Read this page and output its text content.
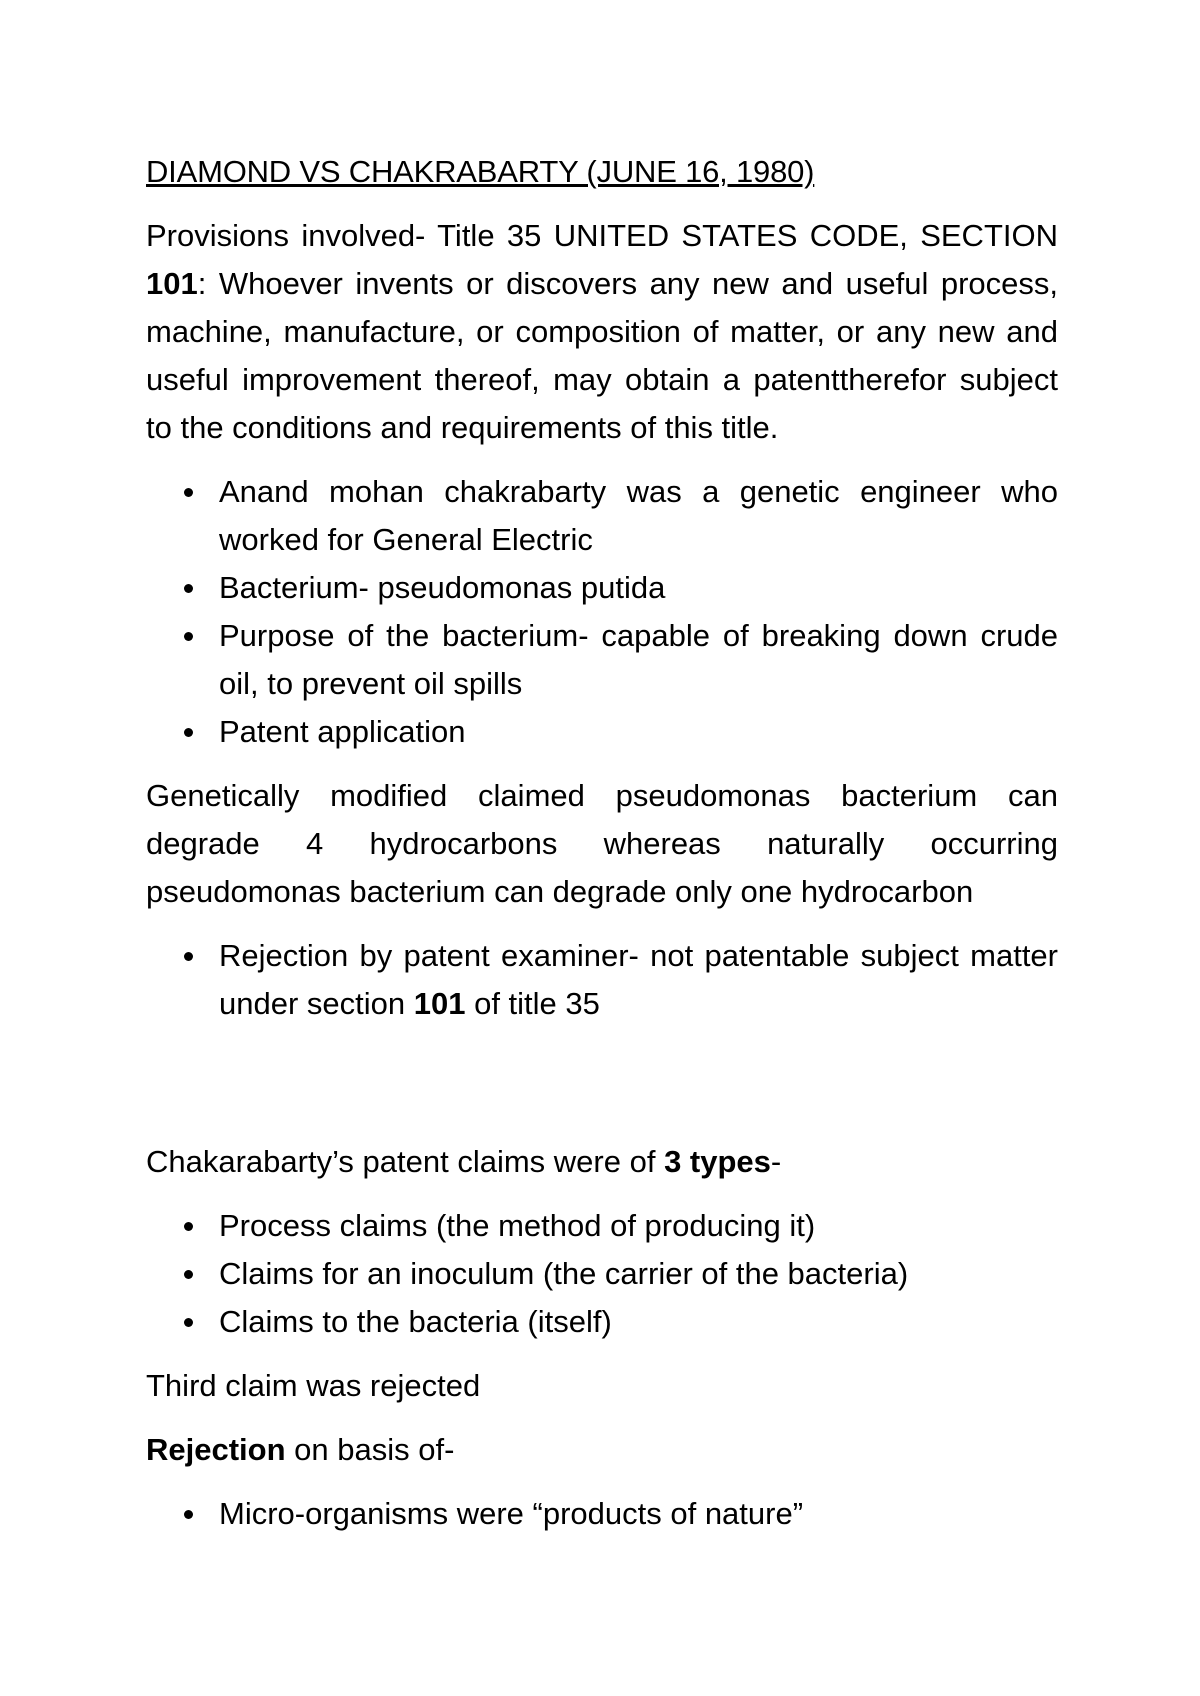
DIAMOND VS CHAKRABARTY (JUNE 16, 1980)

Provisions involved- Title 35 UNITED STATES CODE, SECTION 101: Whoever invents or discovers any new and useful process, machine, manufacture, or composition of matter, or any new and useful improvement thereof, may obtain a patenttherefor subject to the conditions and requirements of this title.

Anand mohan chakrabarty was a genetic engineer who worked for General Electric
Bacterium- pseudomonas putida
Purpose of the bacterium- capable of breaking down crude oil, to prevent oil spills
Patent application

Genetically modified claimed pseudomonas bacterium can degrade 4 hydrocarbons whereas naturally occurring pseudomonas bacterium can degrade only one hydrocarbon

Rejection by patent examiner- not patentable subject matter under section 101 of title 35

Chakarabarty’s patent claims were of 3 types-

Process claims (the method of producing it)
Claims for an inoculum (the carrier of the bacteria)
Claims to the bacteria (itself)

Third claim was rejected

Rejection on basis of-

Micro-organisms were “products of nature”
